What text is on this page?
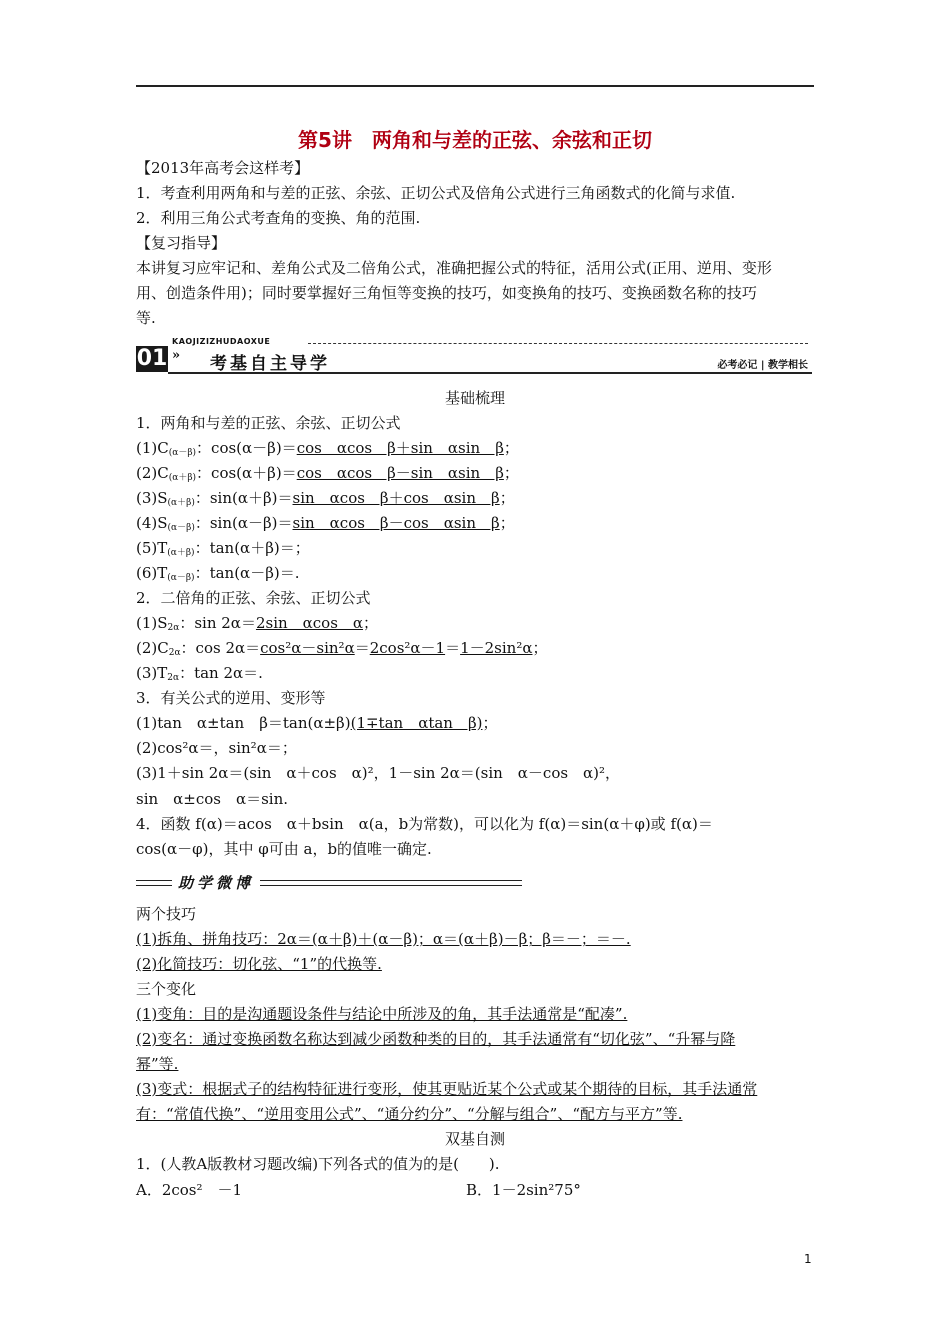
第5讲　两角和与差的正弦、余弦和正切
【2013年高考会这样考】
1．考查利用两角和与差的正弦、余弦、正切公式及倍角公式进行三角函数式的化简与求值.
2．利用三角公式考查角的变换、角的范围.
【复习指导】
本讲复习应牢记和、差角公式及二倍角公式，准确把握公式的特征，活用公式(正用、逆用、变形
用、创造条件用)；同时要掌握好三角恒等变换的技巧，如变换角的技巧、变换函数名称的技巧
等.
KAOJIZIZHUDAOXUE
01 » 考基自主导学	必考必记 | 教学相长
基础梳理
1．两角和与差的正弦、余弦、正切公式
$(1)C_{(\alpha-\beta)}$：cos(α－β)＝cos　αcos　β＋sin　αsin　β；
$(2)C_{(\alpha+\beta)}$：cos(α＋β)＝cos　αcos　β－sin　αsin　β；
$(3)S_{(\alpha+\beta)}$：sin(α＋β)＝sin　αcos　β＋cos　αsin　β；
$(4)S_{(\alpha-\beta)}$：sin(α－β)＝sin　αcos　β－cos　αsin　β；
$(5)T_{(\alpha+\beta)}$：tan(α＋β)＝；
$(6)T_{(\alpha-\beta)}$：tan(α－β)＝.
2．二倍角的正弦、余弦、正切公式
$(1)S_{2\alpha}$：sin 2α＝2sin　αcos　α；
$(2)C_{2\alpha}$：cos 2α＝cos²α－sin²α＝2cos²α－1＝1－2sin²α；
$(3)T_{2\alpha}$：tan 2α＝.
3．有关公式的逆用、变形等
(1)tan　α±tan　β＝tan(α±β)(1∓tan　αtan　β)；
(2)cos²α＝，sin²α＝；
(3)1＋sin 2α＝(sin　α＋cos　α)²，1－sin 2α＝(sin　α－cos　α)²，
sin　α±cos　α＝sin.
4．函数 f(α)＝acos　α＋bsin　α(a，b为常数)，可以化为 f(α)＝sin(α＋φ)或 f(α)＝
cos(α－φ)，其中 φ可由 a，b的值唯一确定.
助学微博
两个技巧
(1)拆角、拼角技巧：2α＝(α＋β)＋(α－β)；α＝(α＋β)－β；β＝－；＝－.
(2)化简技巧：切化弦、“1”的代换等.
三个变化
(1)变角：目的是沟通题设条件与结论中所涉及的角，其手法通常是“配凑”.
(2)变名：通过变换函数名称达到减少函数种类的目的，其手法通常有“切化弦”、“升幂与降
幂”等.
(3)变式：根据式子的结构特征进行变形，使其更贴近某个公式或某个期待的目标，其手法通常
有：“常值代换”、“逆用变用公式”、“通分约分”、“分解与组合”、“配方与平方”等.
双基自测
1．(人教A版教材习题改编)下列各式的值为的是(　　).
A．2cos²　－1	B．1－2sin²75°
1
